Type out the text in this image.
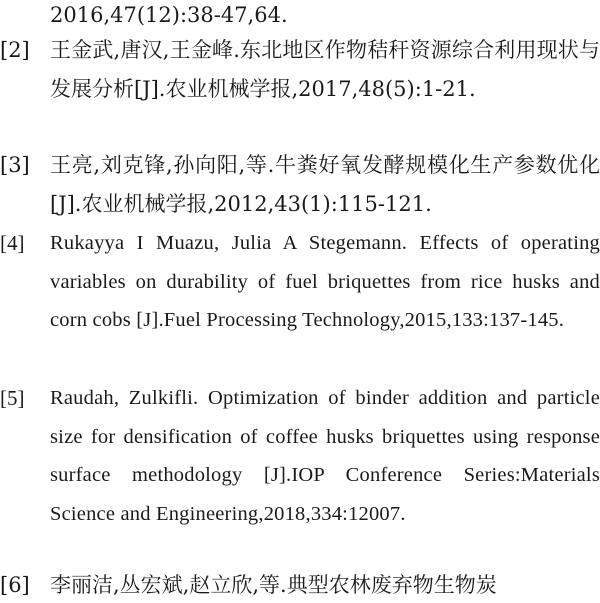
2016,47(12):38-47,64.

[2] 王金武,唐汉,王金峰.东北地区作物秸秆资源综合利用现状与发展分析[J].农业机械学报,2017,48(5):1-21.

[3] 王亮,刘克锋,孙向阳,等.牛粪好氧发酵规模化生产参数优化[J].农业机械学报,2012,43(1):115-121.

[4] Rukayya I Muazu, Julia A Stegemann. Effects of operating variables on durability of fuel briquettes from rice husks and corn cobs [J].Fuel Processing Technology,2015,133:137-145.

[5] Raudah, Zulkifli. Optimization of binder addition and particle size for densification of coffee husks briquettes using response surface methodology [J].IOP Conference Series:Materials Science and Engineering,2018,334:12007.

[6] 李丽洁,丛宏斌,赵立欣,等.典型农林废弃物生物炭
